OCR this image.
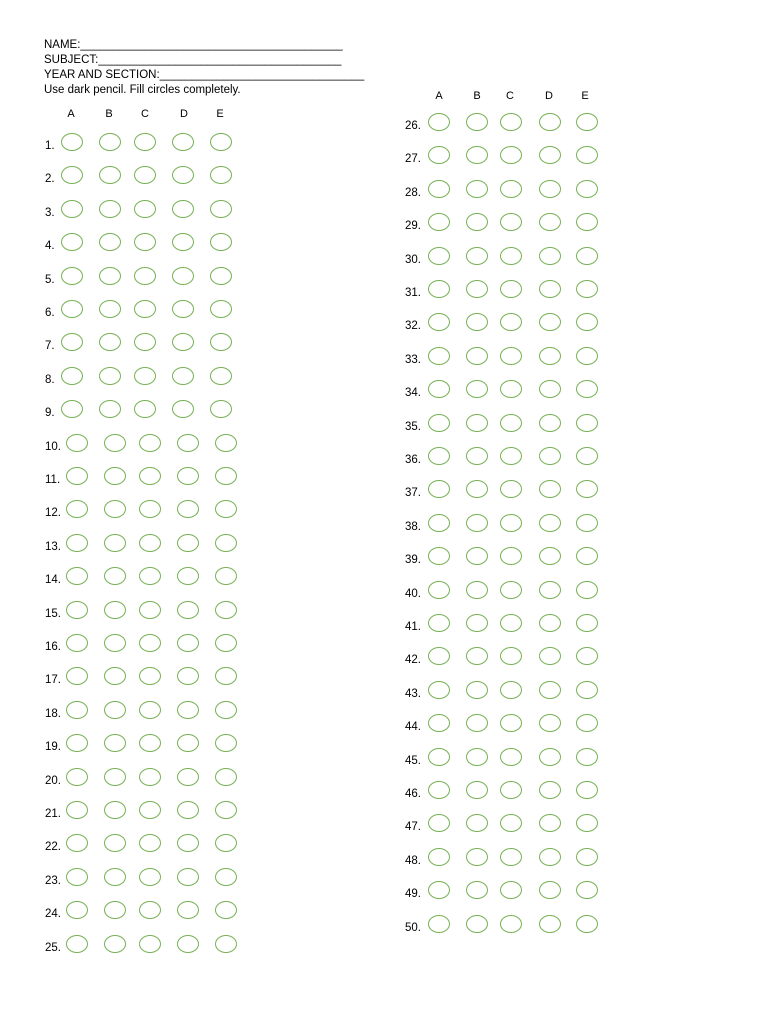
NAME:_________________________________________
SUBJECT:______________________________________
YEAR AND SECTION:________________________________
Use dark pencil. Fill circles completely.
A	B	C	D	E
A	B	C	D	E
1.
2.
3.
4.
5.
6.
7.
8.
9.
10.
11.
12.
13.
14.
15.
16.
17.
18.
19.
20.
21.
22.
23.
24.
25.
26.
27.
28.
29.
30.
31.
32.
33.
34.
35.
36.
37.
38.
39.
40.
41.
42.
43.
44.
45.
46.
47.
48.
49.
50.
